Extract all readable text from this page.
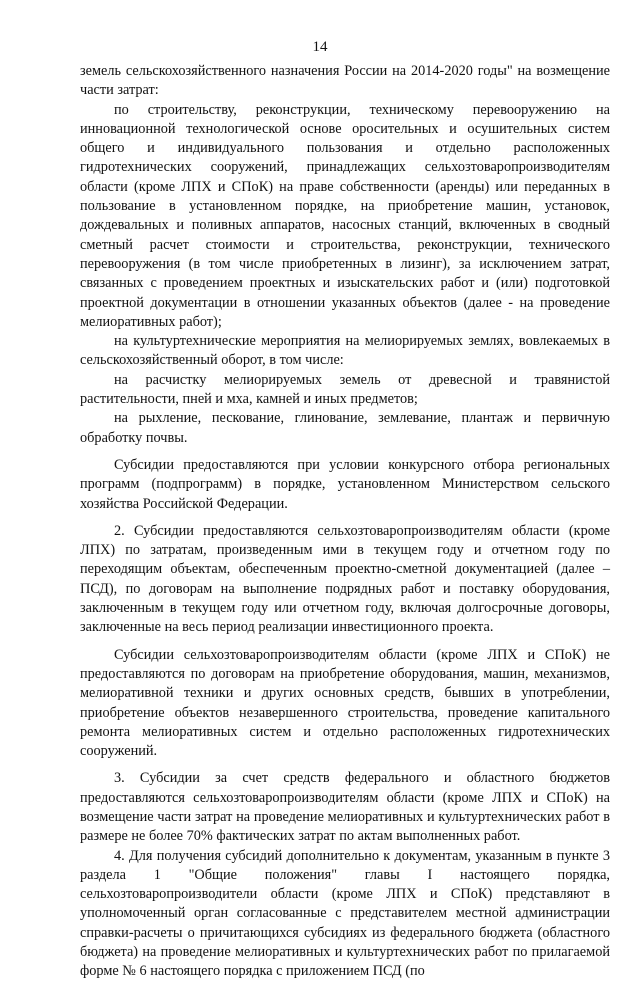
14

земель сельскохозяйственного назначения России на 2014-2020 годы" на возмещение части затрат:

по строительству, реконструкции, техническому перевооружению на инновационной технологической основе оросительных и осушительных систем общего и индивидуального пользования и отдельно расположенных гидротехнических сооружений, принадлежащих сельхозтоваропроизводителям области (кроме ЛПХ и СПоК) на праве собственности (аренды) или переданных в пользование в установленном порядке, на приобретение машин, установок, дождевальных и поливных аппаратов, насосных станций, включенных в сводный сметный расчет стоимости и строительства, реконструкции, технического перевооружения (в том числе приобретенных в лизинг), за исключением затрат, связанных с проведением проектных и изыскательских работ и (или) подготовкой проектной документации в отношении указанных объектов (далее - на проведение мелиоративных работ);

на культуртехнические мероприятия на мелиорируемых землях, вовлекаемых в сельскохозяйственный оборот, в том числе:

на расчистку мелиорируемых земель от древесной и травянистой растительности, пней и мха, камней и иных предметов;

на рыхление, пескование, глинование, землевание, плантаж и первичную обработку почвы.

Субсидии предоставляются при условии конкурсного отбора региональных программ (подпрограмм) в порядке, установленном Министерством сельского хозяйства Российской Федерации.

2. Субсидии предоставляются сельхозтоваропроизводителям области (кроме ЛПХ) по затратам, произведенным ими в текущем году и отчетном году по переходящим объектам, обеспеченным проектно-сметной документацией (далее – ПСД), по договорам на выполнение подрядных работ и поставку оборудования, заключенным в текущем году или отчетном году, включая долгосрочные договоры, заключенные на весь период реализации инвестиционного проекта.

Субсидии сельхозтоваропроизводителям области (кроме ЛПХ и СПоК) не предоставляются по договорам на приобретение оборудования, машин, механизмов, мелиоративной техники и других основных средств, бывших в употреблении, приобретение объектов незавершенного строительства, проведение капитального ремонта мелиоративных систем и отдельно расположенных гидротехнических сооружений.

3. Субсидии за счет средств федерального и областного бюджетов предоставляются сельхозтоваропроизводителям области (кроме ЛПХ и СПоК) на возмещение части затрат на проведение мелиоративных и культуртехнических работ в размере не более 70% фактических затрат по актам выполненных работ.

4. Для получения субсидий дополнительно к документам, указанным в пункте 3 раздела 1 "Общие положения" главы I настоящего порядка, сельхозтоваропроизводители области (кроме ЛПХ и СПоК) представляют в уполномоченный орган согласованные с представителем местной администрации справки-расчеты о причитающихся субсидиях из федерального бюджета (областного бюджета) на проведение мелиоративных и культуртехнических работ по прилагаемой форме № 6 настоящего порядка с приложением ПСД (по
